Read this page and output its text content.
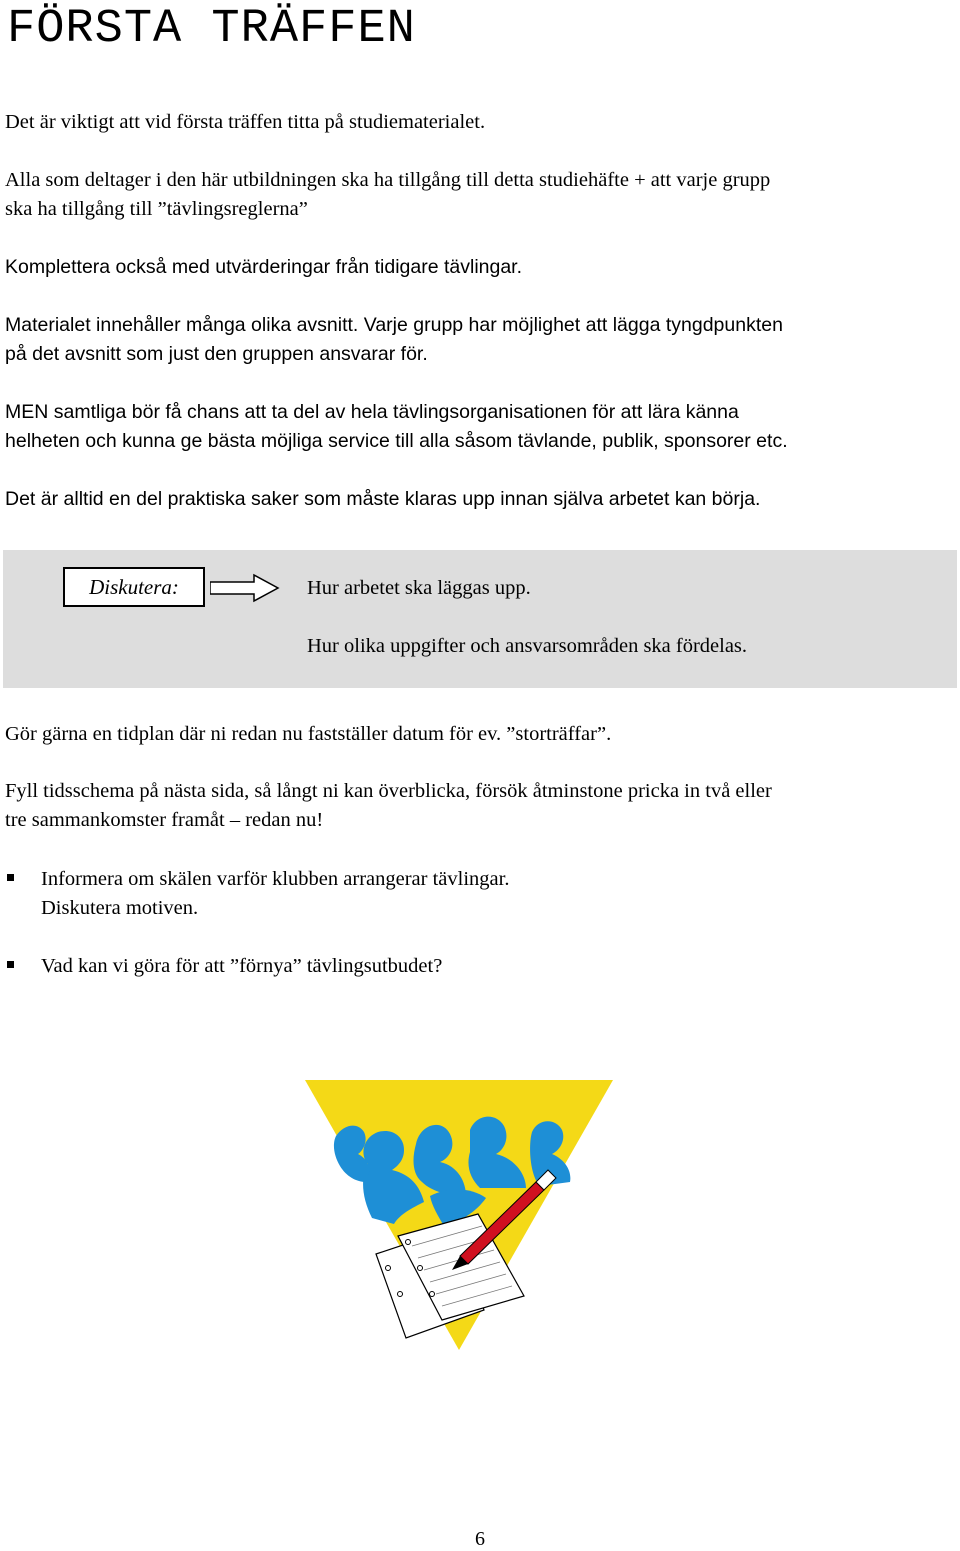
FÖRSTA TRÄFFEN
Det är viktigt att vid första träffen titta på studiematerialet.
Alla som deltager i den här utbildningen ska ha tillgång till detta studiehäfte + att varje grupp
ska ha tillgång till ”tävlingsreglerna”
Komplettera också med utvärderingar från tidigare tävlingar.
Materialet innehåller många olika avsnitt. Varje grupp har möjlighet att lägga tyngdpunkten
på det avsnitt som just den gruppen ansvarar för.
MEN samtliga bör få chans att ta del av hela tävlingsorganisationen för att lära känna
helheten och kunna ge bästa möjliga service till alla såsom tävlande, publik, sponsorer etc.
Det är alltid en del praktiska saker som måste klaras upp innan själva arbetet kan börja.
Diskutera:	Hur arbetet ska läggas upp.
Hur olika uppgifter och ansvarsområden ska fördelas.
Gör gärna en tidplan där ni redan nu fastställer datum för ev. ”storträffar”.
Fyll tidsschema på nästa sida, så långt ni kan överblicka, försök åtminstone pricka in två eller
tre sammankomster framåt – redan nu!
Informera om skälen varför klubben arrangerar tävlingar.
Diskutera motiven.
Vad kan vi göra för att ”förnya” tävlingsutbudet?
6
